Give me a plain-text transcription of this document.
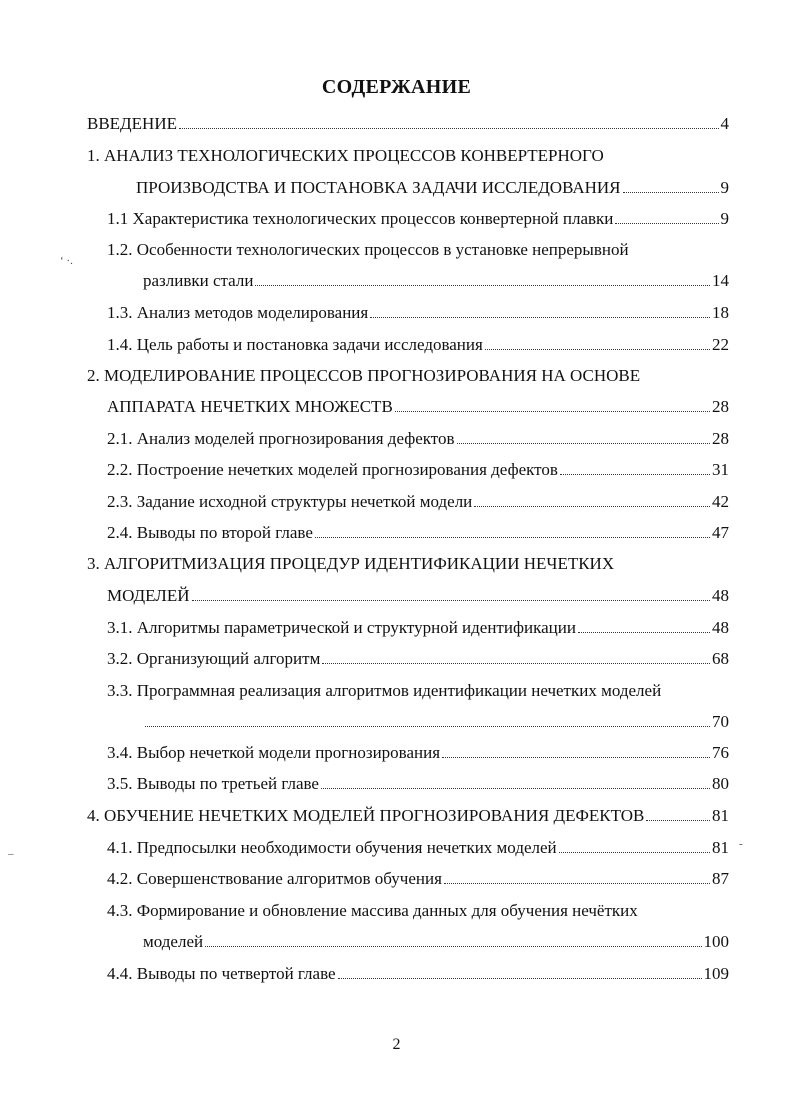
СОДЕРЖАНИЕ
ВВЕДЕНИЕ	4
1. АНАЛИЗ ТЕХНОЛОГИЧЕСКИХ ПРОЦЕССОВ КОНВЕРТЕРНОГО
ПРОИЗВОДСТВА И ПОСТАНОВКА ЗАДАЧИ ИССЛЕДОВАНИЯ	9
1.1 Характеристика технологических процессов конвертерной плавки	9
1.2. Особенности технологических процессов в установке непрерывной
разливки стали	14
1.3. Анализ методов моделирования	18
1.4. Цель работы и постановка задачи исследования	22
2. МОДЕЛИРОВАНИЕ ПРОЦЕССОВ ПРОГНОЗИРОВАНИЯ НА ОСНОВЕ
АППАРАТА НЕЧЕТКИХ МНОЖЕСТВ	28
2.1. Анализ моделей прогнозирования дефектов	28
2.2. Построение нечетких моделей прогнозирования дефектов	31
2.3. Задание исходной структуры нечеткой модели	42
2.4. Выводы по второй главе	47
3. АЛГОРИТМИЗАЦИЯ ПРОЦЕДУР ИДЕНТИФИКАЦИИ НЕЧЕТКИХ
МОДЕЛЕЙ	48
3.1. Алгоритмы параметрической и структурной идентификации	48
3.2. Организующий алгоритм	68
3.3. Программная реализация алгоритмов идентификации нечетких моделей
70
3.4. Выбор нечеткой модели прогнозирования	76
3.5. Выводы по третьей главе	80
4. ОБУЧЕНИЕ НЕЧЕТКИХ МОДЕЛЕЙ ПРОГНОЗИРОВАНИЯ ДЕФЕКТОВ	81
4.1. Предпосылки необходимости обучения нечетких моделей	81
4.2. Совершенствование алгоритмов обучения	87
4.3. Формирование и обновление массива данных для обучения нечётких
моделей	100
4.4. Выводы по четвертой главе	109
‘ ·.
–
-
2
